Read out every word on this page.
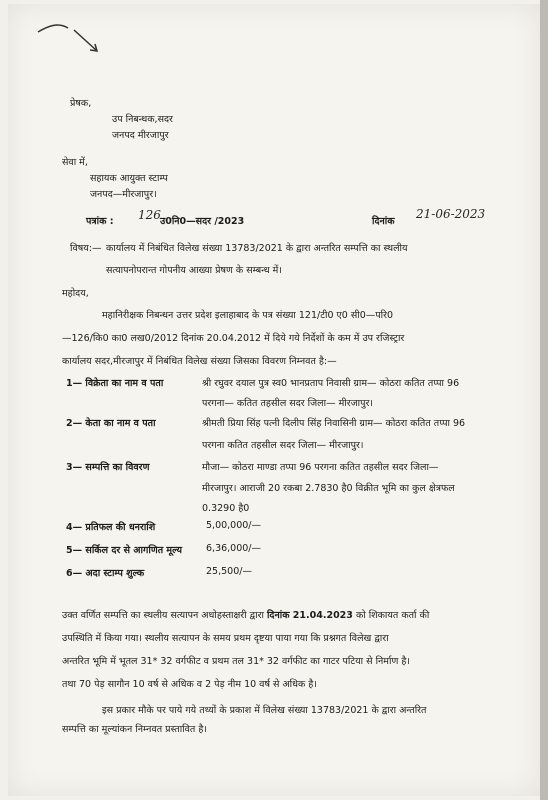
प्रेषक,
उप निबन्धक,सदर
जनपद मीरजापुर
सेवा में,
सहायक आयुक्त स्टाम्प
जनपद—मीरजापुर।
पत्रांक : 126 उ0नि0—सदर /2023	दिनांक
21-06-2023
विषय:— कार्यालय में निबंधित विलेख संख्या 13783/2021 के द्वारा अन्तरित सम्पत्ति का स्थलीय
सत्यापनोपरान्त गोपनीय आख्या प्रेषण के सम्बन्ध में।
महोदय,
महानिरीक्षक निबन्धन उत्तर प्रदेश इलाहाबाद के पत्र संख्या 121/टी0 ए0 सी0—परि0
—126/कि0 का0 लख0/2012 दिनांक 20.04.2012 में दिये गये निर्देशों के कम में उप रजिस्ट्रार
कार्यालय सदर,मीरजापुर में निबंधित विलेख संख्या जिसका विवरण निम्नवत है:—
1— विक्रेता का नाम व पता	श्री रघुवर दयाल पुत्र स्व0 भानप्रताप निवासी ग्राम— कोठरा कतित तप्पा 96
परगना— कतित तहसील सदर जिला— मीरजापुर।
2— केता का नाम व पता	श्रीमती प्रिया सिंह पत्नी दिलीप सिंह निवासिनी ग्राम— कोठरा कतित तप्पा 96
परगना कतित तहसील सदर जिला— मीरजापुर।
3— सम्पत्ति का विवरण	मौजा— कोठरा माण्डा तप्पा 96 परगना कतित तहसील सदर जिला—
मीरजापुर। आराजी 20 रकबा 2.7830 है0 विक्रीत भूमि का कुल क्षेत्रफल
0.3290 है0
4— प्रतिफल की धनराशि	5,00,000/—
5— सर्किल दर से आगणित मूल्य	6,36,000/—
6— अदा स्टाम्प शुल्क	25,500/—
उक्त वर्णित सम्पत्ति का स्थलीय सत्यापन अधोहस्ताक्षरी द्वारा दिनांक 21.04.2023 को शिकायत कर्ता की
उपस्थिति में किया गया। स्थलीय सत्यापन के समय प्रथम दृष्टया पाया गया कि प्रश्नगत विलेख द्वारा
अन्तरित भूमि में भूतल 31* 32 वर्गफीट व प्रथम तल 31* 32 वर्गफीट का गाटर पटिया से निर्माण है।
तथा 70 पेड़ सागौन 10 वर्ष से अधिक व 2 पेड़ नीम 10 वर्ष से अधिक है।
इस प्रकार मौके पर पाये गये तथ्यों के प्रकाश में विलेख संख्या 13783/2021 के द्वारा अन्तरित
सम्पत्ति का मूल्यांकन निम्नवत प्रस्तावित है।
